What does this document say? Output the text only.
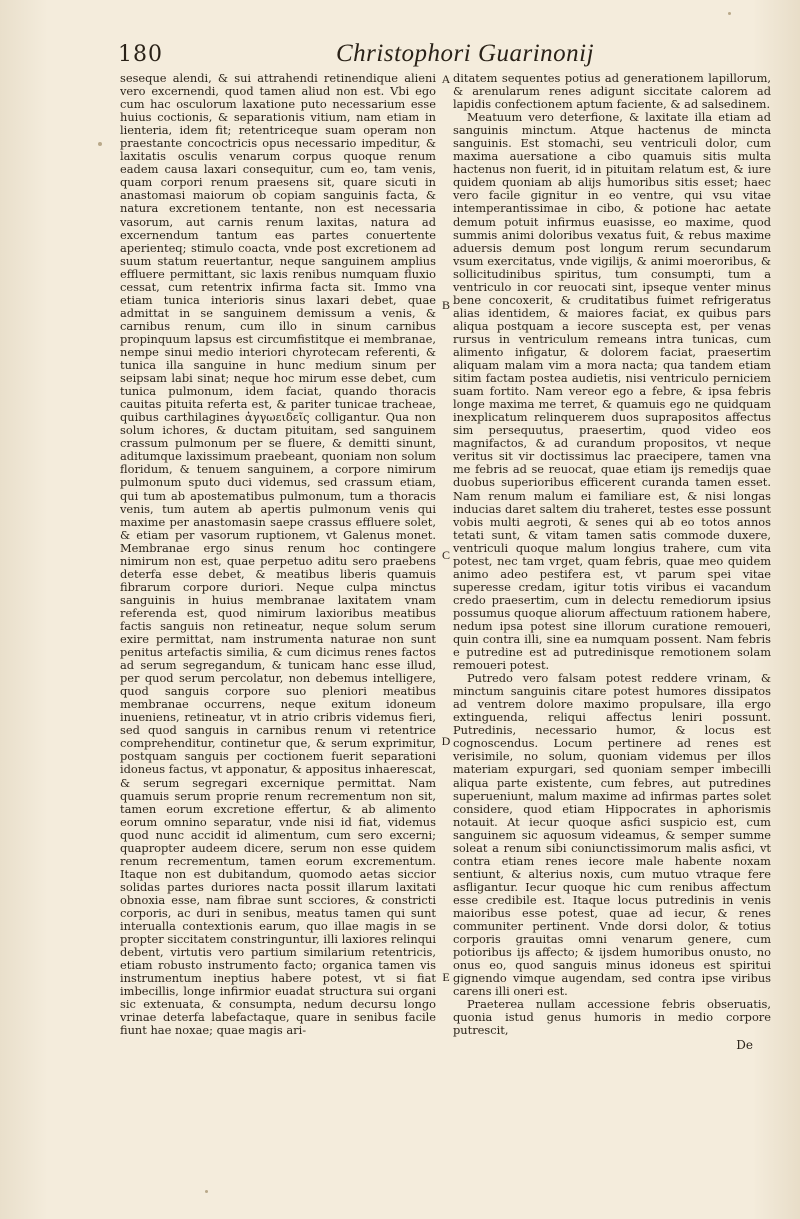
180	Christophori Guarinonij
A
B
C
D
E

seseque alendi, & sui attrahendi retinendique alieni vero excernendi, quod tamen aliud non est. Vbi ego cum hac osculorum laxatione puto necessarium esse huius coctionis, & separationis vitium, nam etiam in lienteria, idem fit; retentriceque suam operam non praestante concoctricis opus necessario impeditur, & laxitatis osculis venarum corpus quoque renum eadem causa laxari consequitur, cum eo, tam venis, quam corpori renum praesens sit, quare sicuti in anastomasi maiorum ob copiam sanguinis facta, & natura excretionem tentante, non est necessaria vasorum, aut carnis renum laxitas, natura ad excernendum tantum eas partes conuertente aperienteq; stimulo coacta, vnde post excretionem ad suum statum reuertantur, neque sanguinem amplius effluere permittant, sic laxis renibus numquam fluxio cessat, cum retentrix infirma facta sit. Immo vna etiam tunica interioris sinus laxari debet, quae admittat in se sanguinem demissum a venis, & carnibus renum, cum illo in sinum carnibus propinquum lapsus est circumfistitque ei membranae, nempe sinui medio interiori chyrotecam referenti, & tunica illa sanguine in hunc medium sinum per seipsam labi sinat; neque hoc mirum esse debet, cum tunica pulmonum, idem faciat, quando thoracis cauitas pituita referta est, & pariter tunicae tracheae, quibus carthilagines ἀγγωειδεῖς colligantur. Qua non solum ichores, & ductam pituitam, sed sanguinem crassum pulmonum per se fluere, & demitti sinunt, aditumque laxissimum praebeant, quoniam non solum floridum, & tenuem sanguinem, a corpore nimirum pulmonum sputo duci videmus, sed crassum etiam, qui tum ab apostematibus pulmonum, tum a thoracis venis, tum autem ab apertis pulmonum venis qui maxime per anastomasin saepe crassus effluere solet, & etiam per vasorum ruptionem, vt Galenus monet. Membranae ergo sinus renum hoc contingere nimirum non est, quae perpetuo aditu sero praebens deterfa esse debet, & meatibus liberis quamuis fibrarum corpore duriori. Neque culpa minctus sanguinis in huius membranae laxitatem vnam referenda est, quod nimirum laxioribus meatibus factis sanguis non retineatur, neque solum serum exire permittat, nam instrumenta naturae non sunt penitus artefactis similia, & cum dicimus renes factos ad serum segregandum, & tunicam hanc esse illud, per quod serum percolatur, non debemus intelligere, quod sanguis corpore suo pleniori meatibus membranae occurrens, neque exitum idoneum inueniens, retineatur, vt in atrio cribris videmus fieri, sed quod sanguis in carnibus renum vi retentrice comprehenditur, continetur que, & serum exprimitur, postquam sanguis per coctionem fuerit separationi idoneus factus, vt apponatur, & appositus inhaerescat, & serum segregari excernique permittat. Nam quamuis serum proprie renum recrementum non sit, tamen eorum excretione effertur, & ab alimento eorum omnino separatur, vnde nisi id fiat, videmus quod nunc accidit id alimentum, cum sero excerni; quapropter audeem dicere, serum non esse quidem renum recrementum, tamen eorum excrementum. Itaque non est dubitandum, quomodo aetas siccior solidas partes duriores nacta possit illarum laxitati obnoxia esse, nam fibrae sunt scciores, & constricti corporis, ac duri in senibus, meatus tamen qui sunt interualla contextionis earum, quo illae magis in se propter siccitatem constringuntur, illi laxiores relinqui debent, virtutis vero partium similarium retentricis, etiam robusto instrumento facto; organica tamen vis instrumentum ineptius habere potest, vt si fiat imbecillis, longe infirmior euadat structura sui organi sic extenuata, & consumpta, nedum decursu longo vrinae deterfa labefactaque, quare in senibus facile fiunt hae noxae; quae magis ari-

ditatem sequentes potius ad generationem lapillorum, & arenularum renes adigunt siccitate calorem ad lapidis confectionem aptum faciente, & ad salsedinem.

Meatuum vero deterfione, & laxitate illa etiam ad sanguinis minctum. Atque hactenus de mincta sanguinis. Est stomachi, seu ventriculi dolor, cum maxima auersatione a cibo quamuis sitis multa hactenus non fuerit, id in pituitam relatum est, & iure quidem quoniam ab alijs humoribus sitis esset; haec vero facile gignitur in eo ventre, qui vsu vitae intemperantissimae in cibo, & potione hac aetate demum potuit infirmus euasisse, eo maxime, quod summis animi doloribus vexatus fuit, & rebus maxime aduersis demum post longum rerum secundarum vsum exercitatus, vnde vigilijs, & animi moeroribus, & sollicitudinibus spiritus, tum consumpti, tum a ventriculo in cor reuocati sint, ipseque venter minus bene concoxerit, & cruditatibus fuimet refrigeratus alias identidem, & maiores faciat, ex quibus pars aliqua postquam a iecore suscepta est, per venas rursus in ventriculum remeans intra tunicas, cum alimento infigatur, & dolorem faciat, praesertim aliquam malam vim a mora nacta; qua tandem etiam sitim factam postea audietis, nisi ventriculo perniciem suam fortito. Nam vereor ego a febre, & ipsa febris longe maxima me terret, & quamuis ego ne quidquam inexplicatum relinquerem duos suprapositos affectus sim persequutus, praesertim, quod video eos magnifactos, & ad curandum propositos, vt neque veritus sit vir doctissimus lac praecipere, tamen vna me febris ad se reuocat, quae etiam ijs remedijs quae duobus superioribus efficerent curanda tamen esset. Nam renum malum ei familiare est, & nisi longas inducias daret saltem diu traheret, testes esse possunt vobis multi aegroti, & senes qui ab eo totos annos tetati sunt, & vitam tamen satis commode duxere, ventriculi quoque malum longius trahere, cum vita potest, nec tam vrget, quam febris, quae meo quidem animo adeo pestifera est, vt parum spei vitae superesse credam, igitur totis viribus ei vacandum credo praesertim, cum in delectu remediorum ipsius possumus quoque aliorum affectuum rationem habere, nedum ipsa potest sine illorum curatione remoueri, quin contra illi, sine ea numquam possent. Nam febris e putredine est ad putredinisque remotionem solam remoueri potest.

Putredo vero falsam potest reddere vrinam, & minctum sanguinis citare potest humores dissipatos ad ventrem dolore maximo propulsare, illa ergo extinguenda, reliqui affectus leniri possunt. Putredinis, necessario humor, & locus est cognoscendus. Locum pertinere ad renes est verisimile, no solum, quoniam videmus per illos materiam expurgari, sed quoniam semper imbecilli aliqua parte existente, cum febres, aut putredines superueniunt, malum maxime ad infirmas partes solet considere, quod etiam Hippocrates in aphorismis notauit. At iecur quoque asfici suspicio est, cum sanguinem sic aquosum videamus, & semper summe soleat a renum sibi coniunctissimorum malis asfici, vt contra etiam renes iecore male habente noxam sentiunt, & alterius noxis, cum mutuo vtraque fere asfligantur. Iecur quoque hic cum renibus affectum esse credibile est. Itaque locus putredinis in venis maioribus esse potest, quae ad iecur, & renes communiter pertinent. Vnde dorsi dolor, & totius corporis grauitas omni venarum genere, cum potioribus ijs affecto; & ijsdem humoribus onusto, no onus eo, quod sanguis minus idoneus est spiritui gignendo vimque augendam, sed contra ipse viribus carens illi oneri est.

Praeterea nullam accessione febris obseruatis, quonia istud genus humoris in medio corpore putrescit,

De
